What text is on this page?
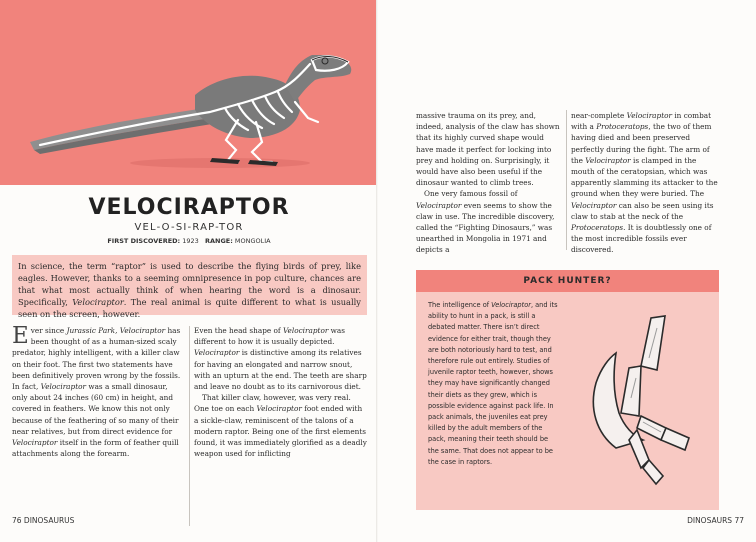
VELOCIRAPTOR
VEL-O-SI-RAP-TOR
FIRST DISCOVERED: 1923 RANGE: MONGOLIA
In science, the term “raptor” is used to describe the flying birds of prey, like eagles. However, thanks to a seeming omnipresence in pop culture, chances are that what most actually think of when hearing the word is a dinosaur. Specifically, Velociraptor. The real animal is quite different to what is usually seen on the screen, however.

Ever since Jurassic Park, Velociraptor has been thought of as a human-sized scaly predator, highly intelligent, with a killer claw on their foot. The first two statements have been definitively proven wrong by the fossils. In fact, Velociraptor was a small dinosaur, only about 24 inches (60 cm) in height, and covered in feathers. We know this not only because of the feathering of so many of their near relatives, but from direct evidence for Velociraptor itself in the form of feather quill attachments along the forearm.

Even the head shape of Velociraptor was different to how it is usually depicted. Velociraptor is distinctive among its relatives for having an elongated and narrow snout, with an upturn at the end. The teeth are sharp and leave no doubt as to its carnivorous diet.

That killer claw, however, was very real. One toe on each Velociraptor foot ended with a sickle-claw, reminiscent of the talons of a modern raptor. Being one of the first elements found, it was immediately glorified as a deadly weapon used for inflicting

76 DINOSAURUS

massive trauma on its prey, and, indeed, analysis of the claw has shown that its highly curved shape would have made it perfect for locking into prey and holding on. Surprisingly, it would have also been useful if the dinosaur wanted to climb trees.

One very famous fossil of Velociraptor even seems to show the claw in use. The incredible discovery, called the “Fighting Dinosaurs,” was unearthed in Mongolia in 1971 and depicts a

near-complete Velociraptor in combat with a Protoceratops, the two of them having died and been preserved perfectly during the fight. The arm of the Velociraptor is clamped in the mouth of the ceratopsian, which was apparently slamming its attacker to the ground when they were buried. The Velociraptor can also be seen using its claw to stab at the neck of the Protoceratops. It is doubtlessly one of the most incredible fossils ever discovered.

PACK HUNTER?
The intelligence of Velociraptor, and its ability to hunt in a pack, is still a debated matter. There isn’t direct evidence for either trait, though they are both notoriously hard to test, and therefore rule out entirely. Studies of juvenile raptor teeth, however, shows they may have significantly changed their diets as they grew, which is possible evidence against pack life. In pack animals, the juveniles eat prey killed by the adult members of the pack, meaning their teeth should be the same. That does not appear to be the case in raptors.
DINOSAURS 77
